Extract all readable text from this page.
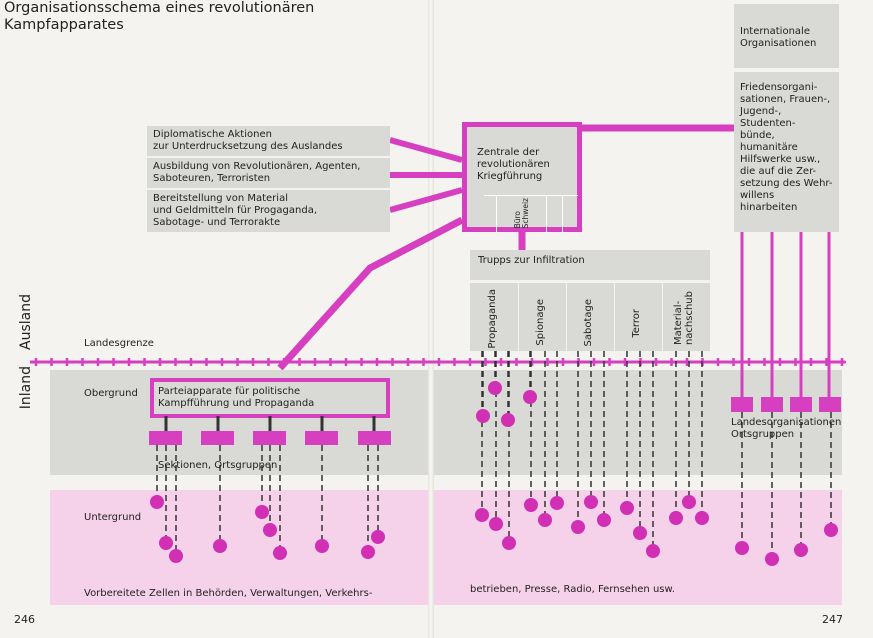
Organisationsschema eines revolutionären
Kampfapparates
Ausland
Inland
Landesgrenze
Diplomatische Aktionen
zur Unterdrucksetzung des Auslandes
Ausbildung von Revolutionären, Agenten,
Saboteuren, Terroristen
Bereitstellung von Material
und Geldmitteln für Progaganda,
Sabotage- und Terrorakte

Zentrale der
revolutionären
Kriegführung

Büro
Schweiz
Internationale
Organisationen
Friedensorgani-
sationen, Frauen-,
Jugend-, Studenten-
bünde, humanitäre
Hilfswerke usw.,
die auf die Zer-
setzung des Wehr-
willens hinarbeiten
Trupps zur Infiltration
Propaganda	Spionage	Sabotage	Terror	Material-
nachschub
Obergrund Parteiapparate für politische
Kampfführung und Propaganda
Sektionen, Ortsgruppen
Landesorganisationen
Ortsgruppen
Untergrund
Vorbereitete Zellen in Behörden, Verwaltungen, Verkehrs-	betrieben, Presse, Radio, Fernsehen usw.
246	247
